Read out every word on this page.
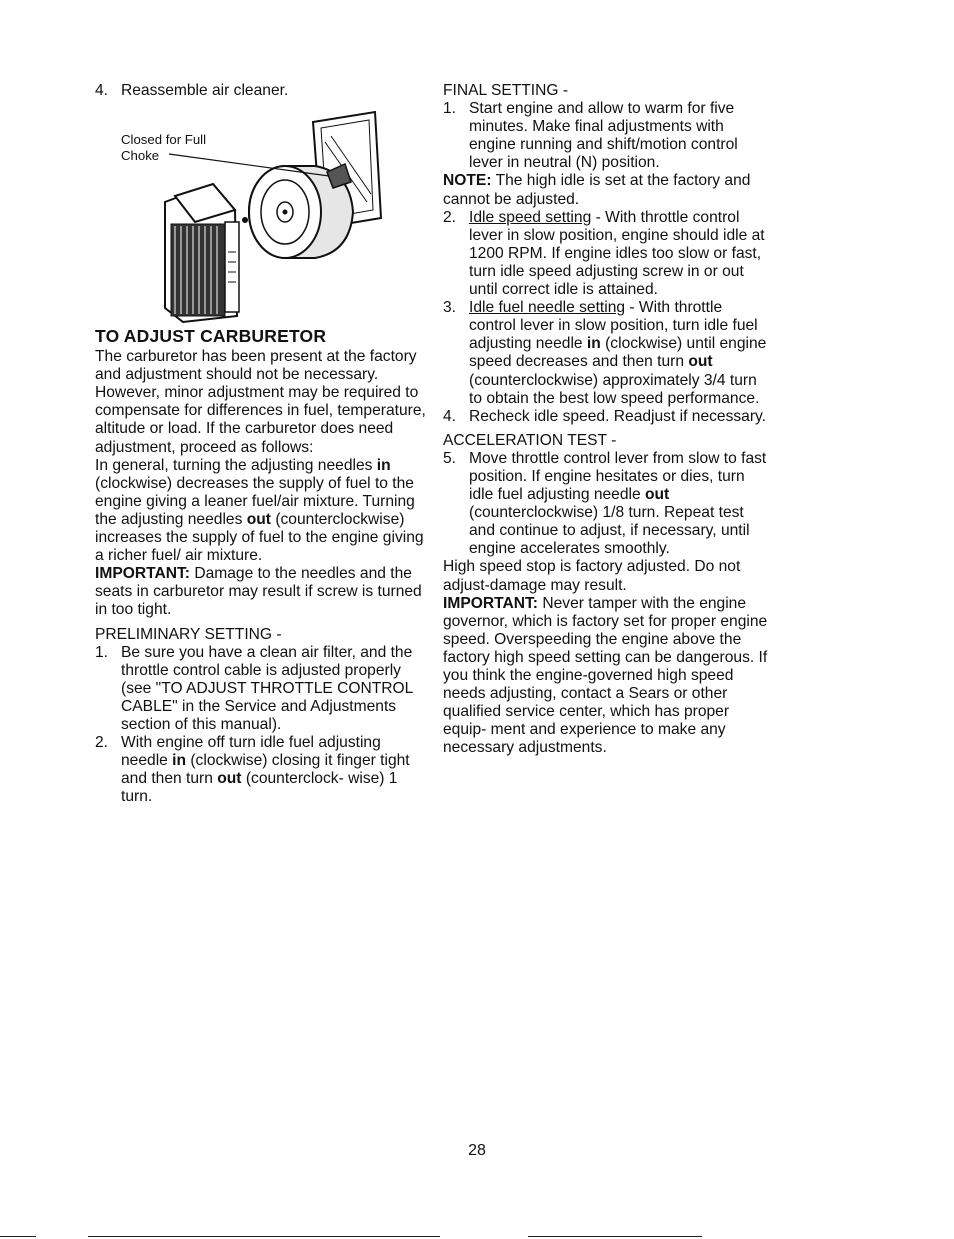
4. Reassemble air cleaner.
Closed for Full
Choke
TO ADJUST CARBURETOR

The carburetor has been present at the factory and adjustment should not be necessary. However, minor adjustment may be required to compensate for differences in fuel, temperature, altitude or load. If the carburetor does need adjustment, proceed as follows:

In general, turning the adjusting needles in (clockwise) decreases the supply of fuel to the engine giving a leaner fuel/air mixture. Turning the adjusting needles out (counterclockwise) increases the supply of fuel to the engine giving a richer fuel/ air mixture.

IMPORTANT: Damage to the needles and the seats in carburetor may result if screw is turned in too tight.

PRELIMINARY SETTING -

1. Be sure you have a clean air filter, and the throttle control cable is adjusted properly (see "TO ADJUST THROTTLE CONTROL CABLE" in the Service and Adjustments section of this manual).
2. With engine off turn idle fuel adjusting needle in (clockwise) closing it finger tight and then turn out (counterclock- wise) 1 turn.

FINAL SETTING -

1. Start engine and allow to warm for five minutes. Make final adjustments with engine running and shift/motion control lever in neutral (N) position.

NOTE: The high idle is set at the factory and cannot be adjusted.

2. Idle speed setting - With throttle control lever in slow position, engine should idle at 1200 RPM. If engine idles too slow or fast, turn idle speed adjusting screw in or out until correct idle is attained.
3. Idle fuel needle setting - With throttle control lever in slow position, turn idle fuel adjusting needle in (clockwise) until engine speed decreases and then turn out (counterclockwise) approximately 3/4 turn to obtain the best low speed performance.
4. Recheck idle speed. Readjust if necessary.

ACCELERATION TEST -

5. Move throttle control lever from slow to fast position. If engine hesitates or dies, turn idle fuel adjusting needle out (counterclockwise) 1/8 turn. Repeat test and continue to adjust, if necessary, until engine accelerates smoothly.

High speed stop is factory adjusted. Do not adjust-damage may result.

IMPORTANT: Never tamper with the engine governor, which is factory set for proper engine speed. Overspeeding the engine above the factory high speed setting can be dangerous. If you think the engine-governed high speed needs adjusting, contact a Sears or other qualified service center, which has proper equip- ment and experience to make any necessary adjustments.

28
